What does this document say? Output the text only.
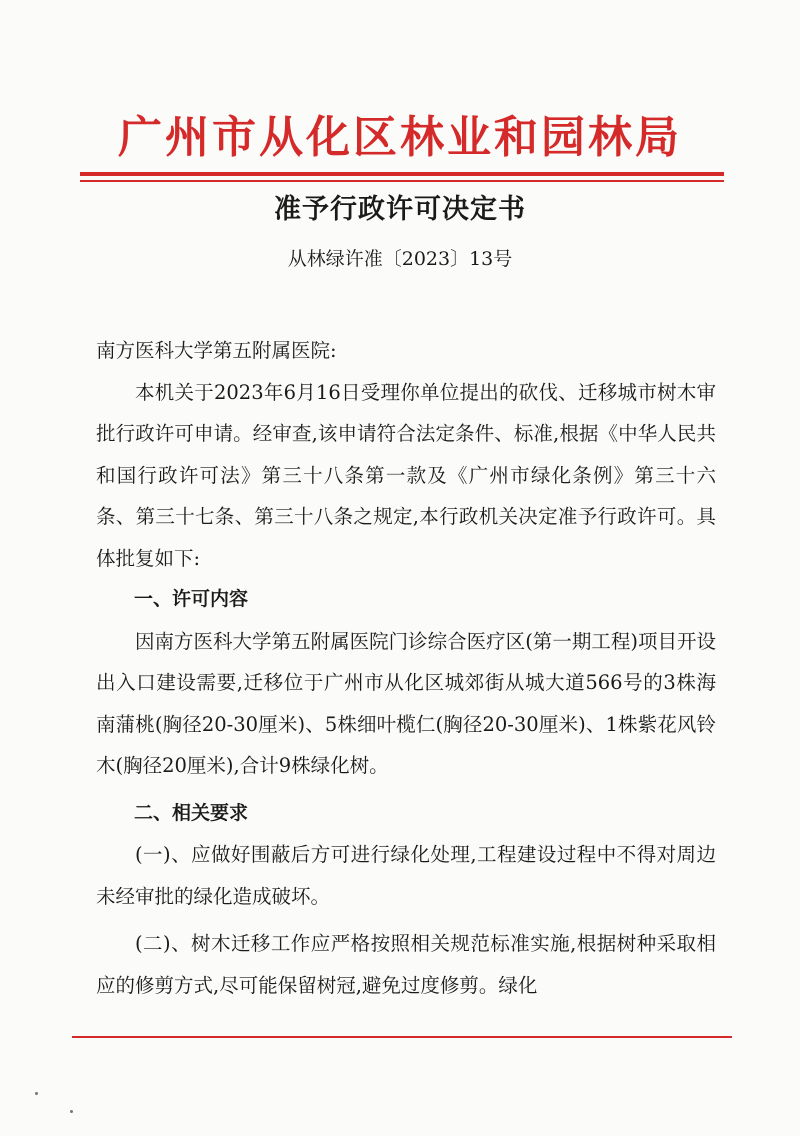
广州市从化区林业和园林局
准予行政许可决定书
从林绿许准〔2023〕13号

南方医科大学第五附属医院:

本机关于2023年6月16日受理你单位提出的砍伐、迁移城市树木审批行政许可申请。经审查,该申请符合法定条件、标准,根据《中华人民共和国行政许可法》第三十八条第一款及《广州市绿化条例》第三十六条、第三十七条、第三十八条之规定,本行政机关决定准予行政许可。具体批复如下:

一、许可内容

因南方医科大学第五附属医院门诊综合医疗区(第一期工程)项目开设出入口建设需要,迁移位于广州市从化区城郊街从城大道566号的3株海南蒲桃(胸径20-30厘米)、5株细叶榄仁(胸径20-30厘米)、1株紫花风铃木(胸径20厘米),合计9株绿化树。

二、相关要求

(一)、应做好围蔽后方可进行绿化处理,工程建设过程中不得对周边未经审批的绿化造成破坏。

(二)、树木迁移工作应严格按照相关规范标准实施,根据树种采取相应的修剪方式,尽可能保留树冠,避免过度修剪。绿化
